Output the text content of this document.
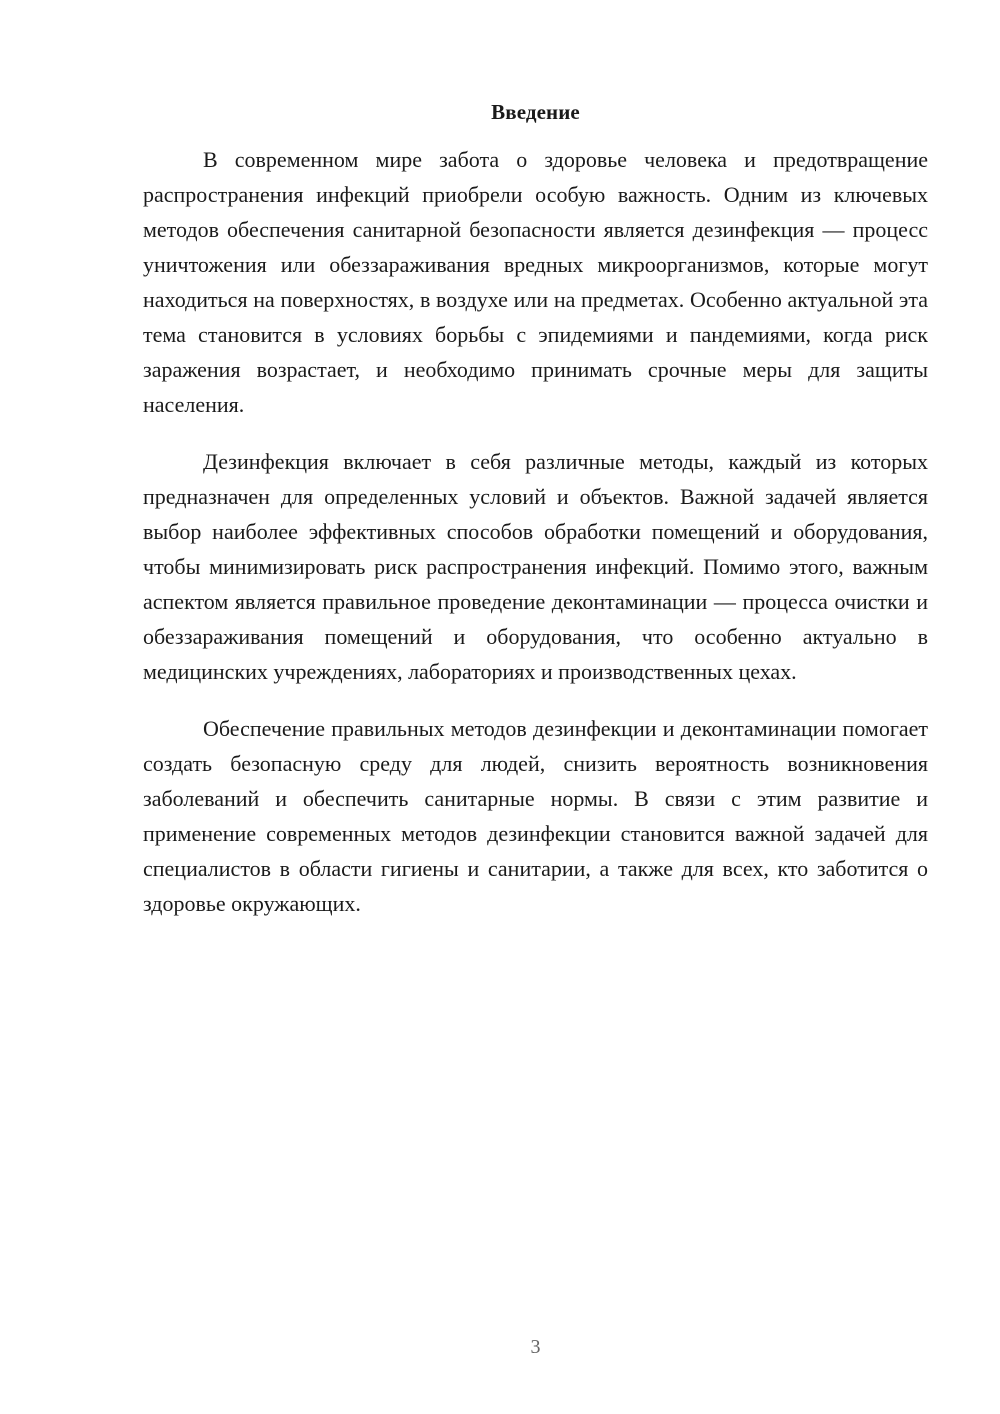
Введение

В современном мире забота о здоровье человека и предотвращение распространения инфекций приобрели особую важность. Одним из ключевых методов обеспечения санитарной безопасности является дезинфекция — процесс уничтожения или обеззараживания вредных микроорганизмов, которые могут находиться на поверхностях, в воздухе или на предметах. Особенно актуальной эта тема становится в условиях борьбы с эпидемиями и пандемиями, когда риск заражения возрастает, и необходимо принимать срочные меры для защиты населения.

Дезинфекция включает в себя различные методы, каждый из которых предназначен для определенных условий и объектов. Важной задачей является выбор наиболее эффективных способов обработки помещений и оборудования, чтобы минимизировать риск распространения инфекций. Помимо этого, важным аспектом является правильное проведение деконтаминации — процесса очистки и обеззараживания помещений и оборудования, что особенно актуально в медицинских учреждениях, лабораториях и производственных цехах.

Обеспечение правильных методов дезинфекции и деконтаминации помогает создать безопасную среду для людей, снизить вероятность возникновения заболеваний и обеспечить санитарные нормы. В связи с этим развитие и применение современных методов дезинфекции становится важной задачей для специалистов в области гигиены и санитарии, а также для всех, кто заботится о здоровье окружающих.

3
